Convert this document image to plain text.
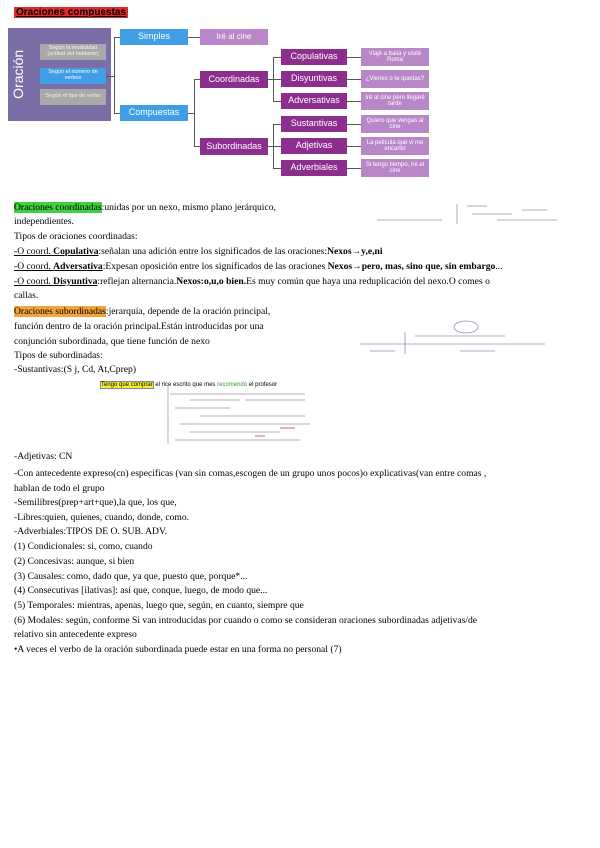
Oraciones compuestas
Oración
Según la modalidad (actitud del hablante)
Según el número de verbos
Según el tipo de verbo
Simples	Iré al cine
Compuestas
Coordinadas
Copulativas
Disyuntivas
Adversativas
Viajé a Italia y visité Roma
¿Vienes o te quedas?
Iré al cine pero llegaré tarde
Subordinadas
Sustantivas
Adjetivas
Adverbiales
Quiero que vengas al cine
La película que vi me encantó
Si tengo tiempo, iré al cine
Oraciones coordinadas:unidas por un nexo, mismo plano jerárquico,
independientes.
Tipos de oraciones coordinadas:
-O coord. Copulativa:señalan una adición entre los significados de las oraciones:Nexos→y,e,ni
-O coord. Adversativa:Expesan oposición entre los significados de las oraciones Nexos→pero, mas, sino que, sin embargo...
-O coord. Disyuntiva:reflejan alternancia.Nexos:o,u,o bien.Es muy común que haya una reduplicación del nexo.O comes o
callas.
Oraciones subordinadas:jerarquía, depende de la oración principal,
función dentro de la oración principal.Están introducidas por una
conjunción subordinada, que tiene función de nexo
Tipos de subordinadas:
-Sustantivas:(S j, Cd, At,Cprep)
Tengo que comprar el rice escrito que mes recomendó el profesor
-Adjetivas: CN
-Con antecedente expreso(cn) especificas (van sin comas,escogen de un grupo unos pocos)o explicativas(van entre comas ,
hablan de todo el grupo
-Semilibres(prep+art+que),la que, los que,
-Libres:quien, quienes, cuando, donde, como.
-Adverbiales:TIPOS DE O. SUB. ADV.
(1) Condicionales: si, como, cuando
(2) Concesivas: aunque, si bien
(3) Causales: como, dado que, ya que, puesto que, porque*...
(4) Consecutivas [ilativas]: así que, conque, luego, de modo que...
(5) Temporales: mientras, apenas, luego que, según, en cuanto, siempre que
(6) Modales: según, conforme Si van introducidas por cuando o como se consideran oraciones subordinadas adjetivas/de
relativo sin antecedente expreso
•A veces el verbo de la oración subordinada puede estar en una forma no personal (7)
